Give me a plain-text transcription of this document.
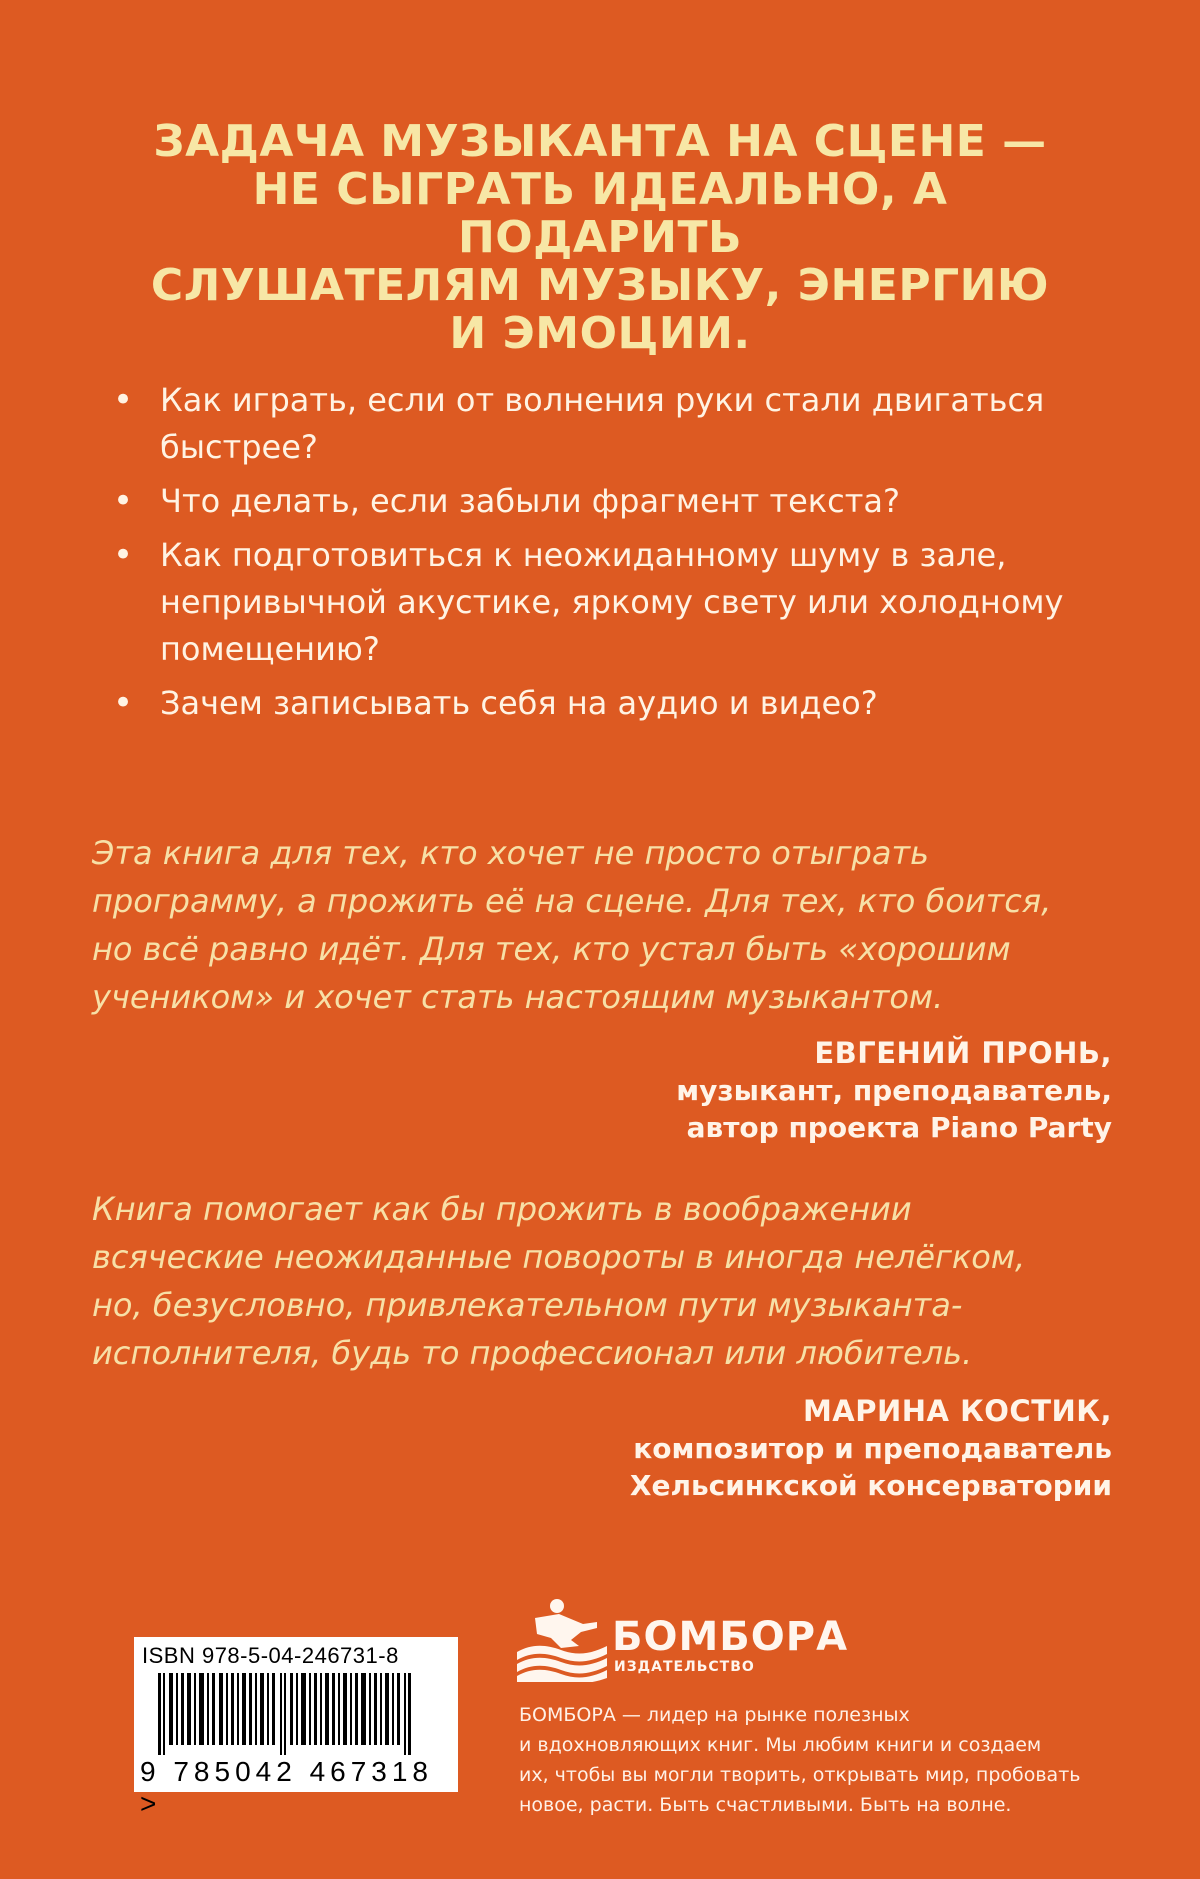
ЗАДАЧА МУЗЫКАНТА НА СЦЕНЕ —
НЕ СЫГРАТЬ ИДЕАЛЬНО, А ПОДАРИТЬ
СЛУШАТЕЛЯМ МУЗЫКУ, ЭНЕРГИЮ
И ЭМОЦИИ.
• Как играть, если от волнения руки стали двигаться
быстрее?
• Что делать, если забыли фрагмент текста?
• Как подготовиться к неожиданному шуму в зале,
непривычной акустике, яркому свету или холодному
помещению?
• Зачем записывать себя на аудио и видео?

Эта книга для тех, кто хочет не просто отыграть
программу, а прожить её на сцене. Для тех, кто боится,
но всё равно идёт. Для тех, кто устал быть «хорошим
учеником» и хочет стать настоящим музыкантом.

ЕВГЕНИЙ ПРОНЬ,
музыкант, преподаватель,
автор проекта Piano Party

Книга помогает как бы прожить в воображении
всяческие неожиданные повороты в иногда нелёгком,
но, безусловно, привлекательном пути музыканта-
исполнителя, будь то профессионал или любитель.

МАРИНА КОСТИК,
композитор и преподаватель
Хельсинкской консерватории
ISBN 978-5-04-246731-8
9 785042 467318 >
БОМБОРА
ИЗДАТЕЛЬСТВО

БОМБОРА — лидер на рынке полезных
и вдохновляющих книг. Мы любим книги и создаем
их, чтобы вы могли творить, открывать мир, пробовать
новое, расти. Быть счастливыми. Быть на волне.
